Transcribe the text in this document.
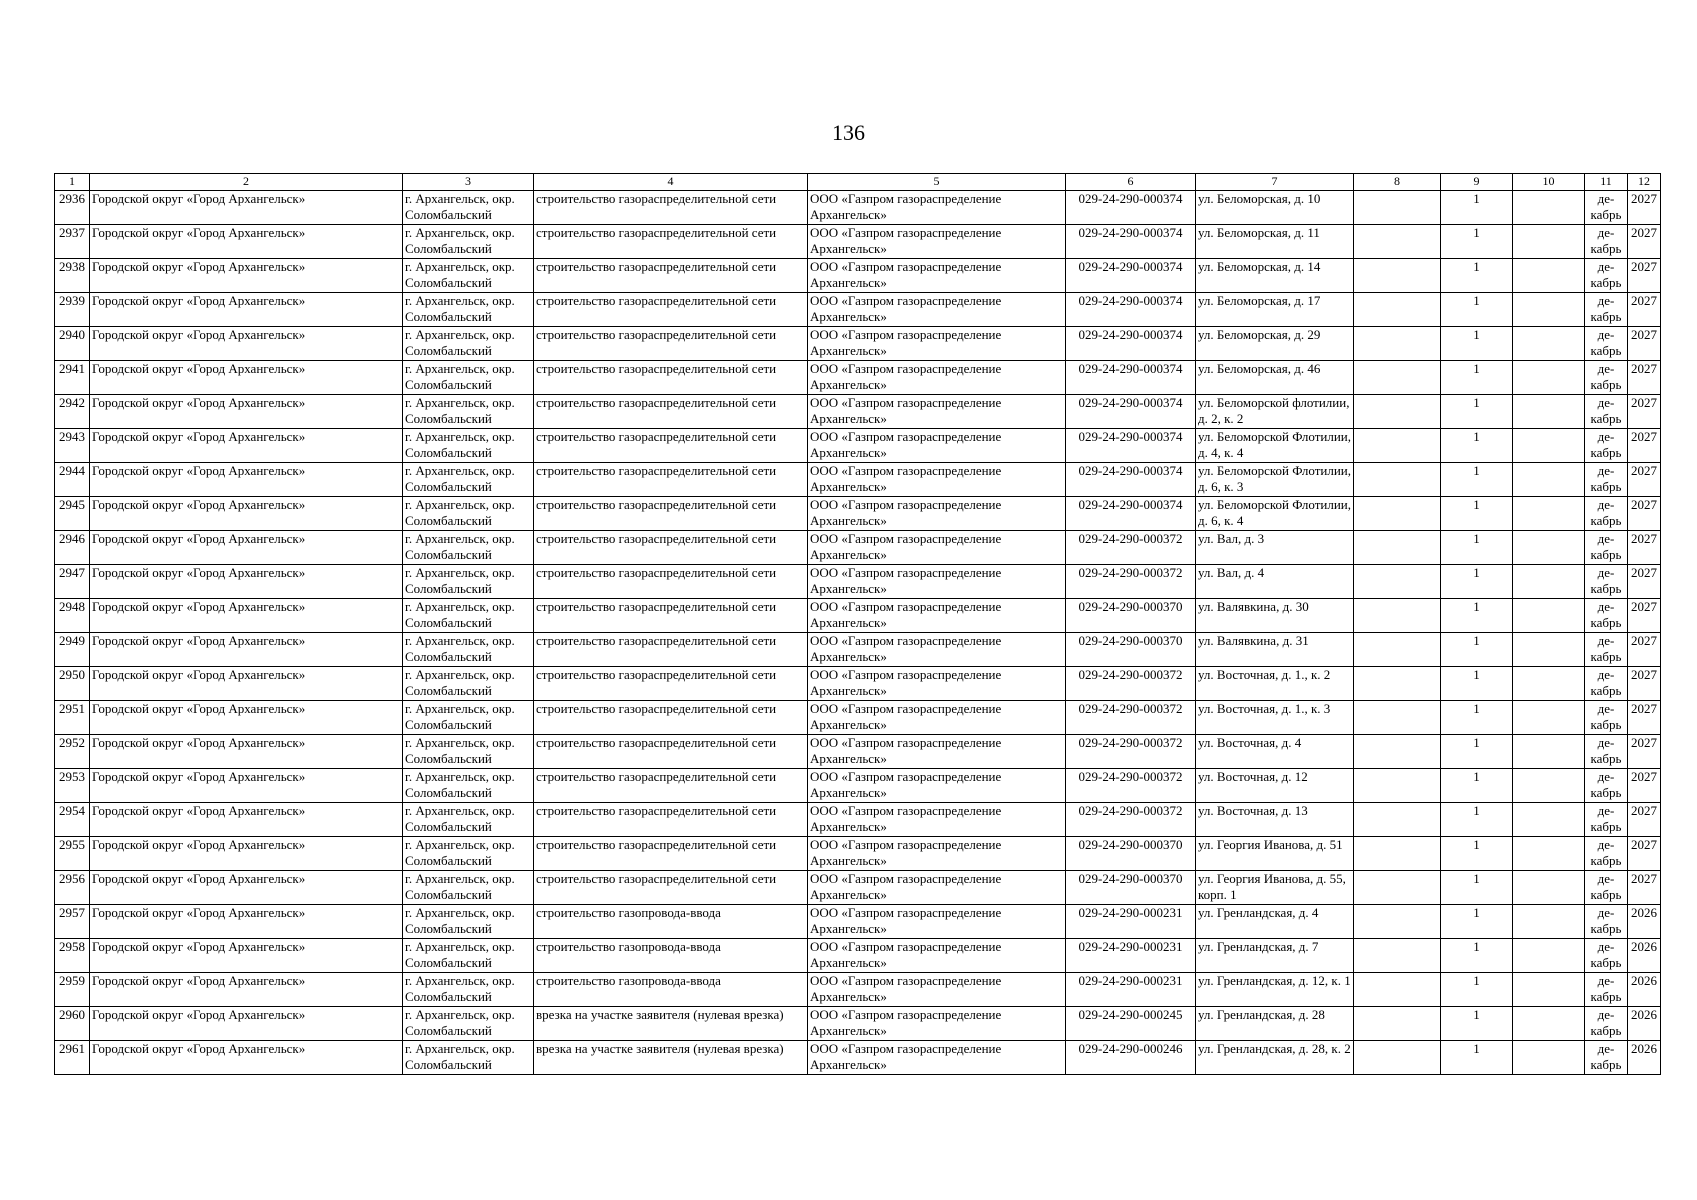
136
1	2	3	4	5	6	7	8	9	10	11	12
2936	Городской округ «Город Архангельск»	г. Архангельск, окр. Соломбальский	строительство газораспределительной сети	ООО «Газпром газораспределение Архангельск»	029-24-290-000374	ул. Беломорская, д. 10		1		де-кабрь	2027
2937	Городской округ «Город Архангельск»	г. Архангельск, окр. Соломбальский	строительство газораспределительной сети	ООО «Газпром газораспределение Архангельск»	029-24-290-000374	ул. Беломорская, д. 11		1		де-кабрь	2027
2938	Городской округ «Город Архангельск»	г. Архангельск, окр. Соломбальский	строительство газораспределительной сети	ООО «Газпром газораспределение Архангельск»	029-24-290-000374	ул. Беломорская, д. 14		1		де-кабрь	2027
2939	Городской округ «Город Архангельск»	г. Архангельск, окр. Соломбальский	строительство газораспределительной сети	ООО «Газпром газораспределение Архангельск»	029-24-290-000374	ул. Беломорская, д. 17		1		де-кабрь	2027
2940	Городской округ «Город Архангельск»	г. Архангельск, окр. Соломбальский	строительство газораспределительной сети	ООО «Газпром газораспределение Архангельск»	029-24-290-000374	ул. Беломорская, д. 29		1		де-кабрь	2027
2941	Городской округ «Город Архангельск»	г. Архангельск, окр. Соломбальский	строительство газораспределительной сети	ООО «Газпром газораспределение Архангельск»	029-24-290-000374	ул. Беломорская, д. 46		1		де-кабрь	2027
2942	Городской округ «Город Архангельск»	г. Архангельск, окр. Соломбальский	строительство газораспределительной сети	ООО «Газпром газораспределение Архангельск»	029-24-290-000374	ул. Беломорской флотилии, д. 2, к. 2		1		де-кабрь	2027
2943	Городской округ «Город Архангельск»	г. Архангельск, окр. Соломбальский	строительство газораспределительной сети	ООО «Газпром газораспределение Архангельск»	029-24-290-000374	ул. Беломорской Флотилии, д. 4, к. 4		1		де-кабрь	2027
2944	Городской округ «Город Архангельск»	г. Архангельск, окр. Соломбальский	строительство газораспределительной сети	ООО «Газпром газораспределение Архангельск»	029-24-290-000374	ул. Беломорской Флотилии, д. 6, к. 3		1		де-кабрь	2027
2945	Городской округ «Город Архангельск»	г. Архангельск, окр. Соломбальский	строительство газораспределительной сети	ООО «Газпром газораспределение Архангельск»	029-24-290-000374	ул. Беломорской Флотилии, д. 6, к. 4		1		де-кабрь	2027
2946	Городской округ «Город Архангельск»	г. Архангельск, окр. Соломбальский	строительство газораспределительной сети	ООО «Газпром газораспределение Архангельск»	029-24-290-000372	ул. Вал, д. 3		1		де-кабрь	2027
2947	Городской округ «Город Архангельск»	г. Архангельск, окр. Соломбальский	строительство газораспределительной сети	ООО «Газпром газораспределение Архангельск»	029-24-290-000372	ул. Вал, д. 4		1		де-кабрь	2027
2948	Городской округ «Город Архангельск»	г. Архангельск, окр. Соломбальский	строительство газораспределительной сети	ООО «Газпром газораспределение Архангельск»	029-24-290-000370	ул. Валявкина, д. 30		1		де-кабрь	2027
2949	Городской округ «Город Архангельск»	г. Архангельск, окр. Соломбальский	строительство газораспределительной сети	ООО «Газпром газораспределение Архангельск»	029-24-290-000370	ул. Валявкина, д. 31		1		де-кабрь	2027
2950	Городской округ «Город Архангельск»	г. Архангельск, окр. Соломбальский	строительство газораспределительной сети	ООО «Газпром газораспределение Архангельск»	029-24-290-000372	ул. Восточная, д. 1., к. 2		1		де-кабрь	2027
2951	Городской округ «Город Архангельск»	г. Архангельск, окр. Соломбальский	строительство газораспределительной сети	ООО «Газпром газораспределение Архангельск»	029-24-290-000372	ул. Восточная, д. 1., к. 3		1		де-кабрь	2027
2952	Городской округ «Город Архангельск»	г. Архангельск, окр. Соломбальский	строительство газораспределительной сети	ООО «Газпром газораспределение Архангельск»	029-24-290-000372	ул. Восточная, д. 4		1		де-кабрь	2027
2953	Городской округ «Город Архангельск»	г. Архангельск, окр. Соломбальский	строительство газораспределительной сети	ООО «Газпром газораспределение Архангельск»	029-24-290-000372	ул. Восточная, д. 12		1		де-кабрь	2027
2954	Городской округ «Город Архангельск»	г. Архангельск, окр. Соломбальский	строительство газораспределительной сети	ООО «Газпром газораспределение Архангельск»	029-24-290-000372	ул. Восточная, д. 13		1		де-кабрь	2027
2955	Городской округ «Город Архангельск»	г. Архангельск, окр. Соломбальский	строительство газораспределительной сети	ООО «Газпром газораспределение Архангельск»	029-24-290-000370	ул. Георгия Иванова, д. 51		1		де-кабрь	2027
2956	Городской округ «Город Архангельск»	г. Архангельск, окр. Соломбальский	строительство газораспределительной сети	ООО «Газпром газораспределение Архангельск»	029-24-290-000370	ул. Георгия Иванова, д. 55, корп. 1		1		де-кабрь	2027
2957	Городской округ «Город Архангельск»	г. Архангельск, окр. Соломбальский	строительство газопровода-ввода	ООО «Газпром газораспределение Архангельск»	029-24-290-000231	ул. Гренландская, д. 4		1		де-кабрь	2026
2958	Городской округ «Город Архангельск»	г. Архангельск, окр. Соломбальский	строительство газопровода-ввода	ООО «Газпром газораспределение Архангельск»	029-24-290-000231	ул. Гренландская, д. 7		1		де-кабрь	2026
2959	Городской округ «Город Архангельск»	г. Архангельск, окр. Соломбальский	строительство газопровода-ввода	ООО «Газпром газораспределение Архангельск»	029-24-290-000231	ул. Гренландская, д. 12, к. 1		1		де-кабрь	2026
2960	Городской округ «Город Архангельск»	г. Архангельск, окр. Соломбальский	врезка на участке заявителя (нулевая врезка)	ООО «Газпром газораспределение Архангельск»	029-24-290-000245	ул. Гренландская, д. 28		1		де-кабрь	2026
2961	Городской округ «Город Архангельск»	г. Архангельск, окр. Соломбальский	врезка на участке заявителя (нулевая врезка)	ООО «Газпром газораспределение Архангельск»	029-24-290-000246	ул. Гренландская, д. 28, к. 2		1		де-кабрь	2026
